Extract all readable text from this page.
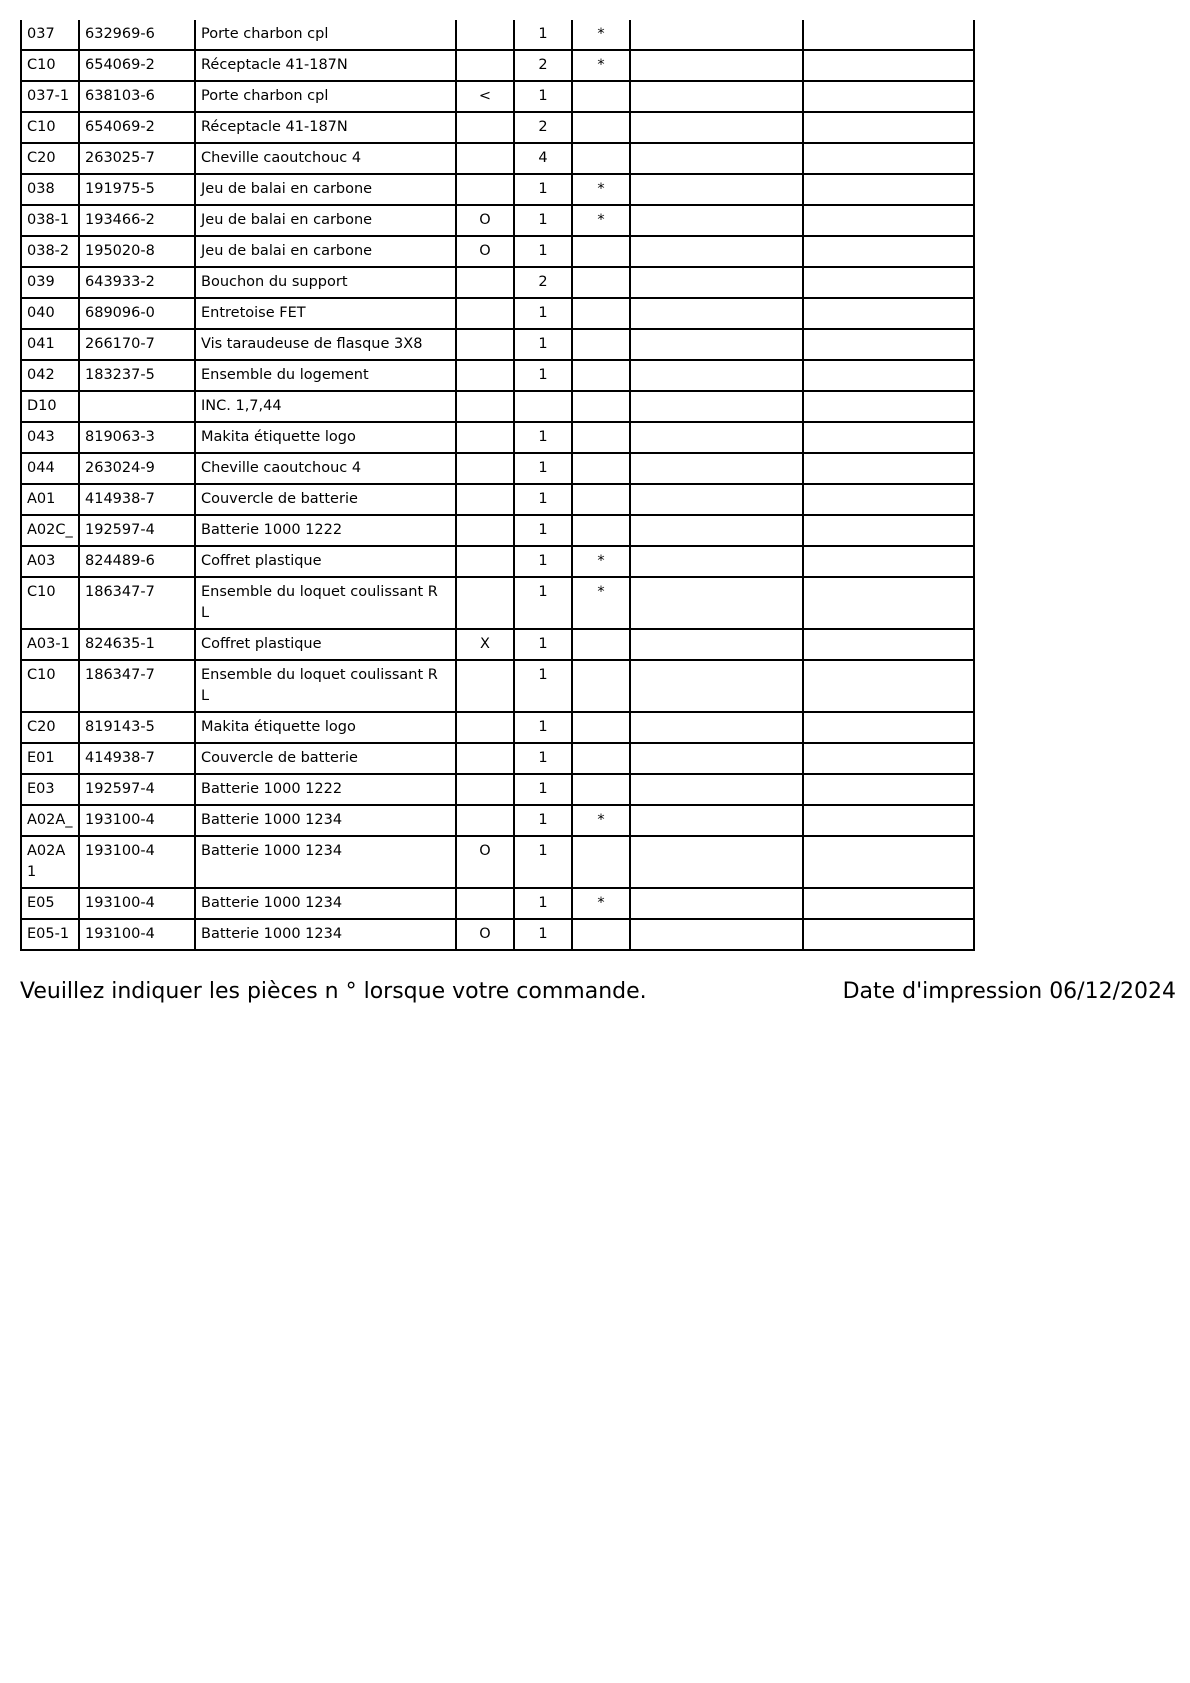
037	632969-6	Porte charbon cpl		1	*		
C10	654069-2	Réceptacle 41-187N		2	*		
037-1	638103-6	Porte charbon cpl	<	1			
C10	654069-2	Réceptacle 41-187N		2			
C20	263025-7	Cheville caoutchouc 4		4			
038	191975-5	Jeu de balai en carbone		1	*		
038-1	193466-2	Jeu de balai en carbone	O	1	*		
038-2	195020-8	Jeu de balai en carbone	O	1			
039	643933-2	Bouchon du support		2			
040	689096-0	Entretoise FET		1			
041	266170-7	Vis taraudeuse de flasque 3X8		1			
042	183237-5	Ensemble du logement		1			
D10		INC. 1,7,44					
043	819063-3	Makita étiquette logo		1			
044	263024-9	Cheville caoutchouc 4		1			
A01	414938-7	Couvercle de batterie		1			
A02C_	192597-4	Batterie 1000 1222		1			
A03	824489-6	Coffret plastique		1	*		
C10	186347-7	Ensemble du loquet coulissant R L		1	*		
A03-1	824635-1	Coffret plastique	X	1			
C10	186347-7	Ensemble du loquet coulissant R L		1			
C20	819143-5	Makita étiquette logo		1			
E01	414938-7	Couvercle de batterie		1			
E03	192597-4	Batterie 1000 1222		1			
A02A_	193100-4	Batterie 1000 1234		1	*		
A02A 1	193100-4	Batterie 1000 1234	O	1			
E05	193100-4	Batterie 1000 1234		1	*		
E05-1	193100-4	Batterie 1000 1234	O	1			
Veuillez indiquer les pièces n ° lorsque votre commande.	Date d'impression 06/12/2024
